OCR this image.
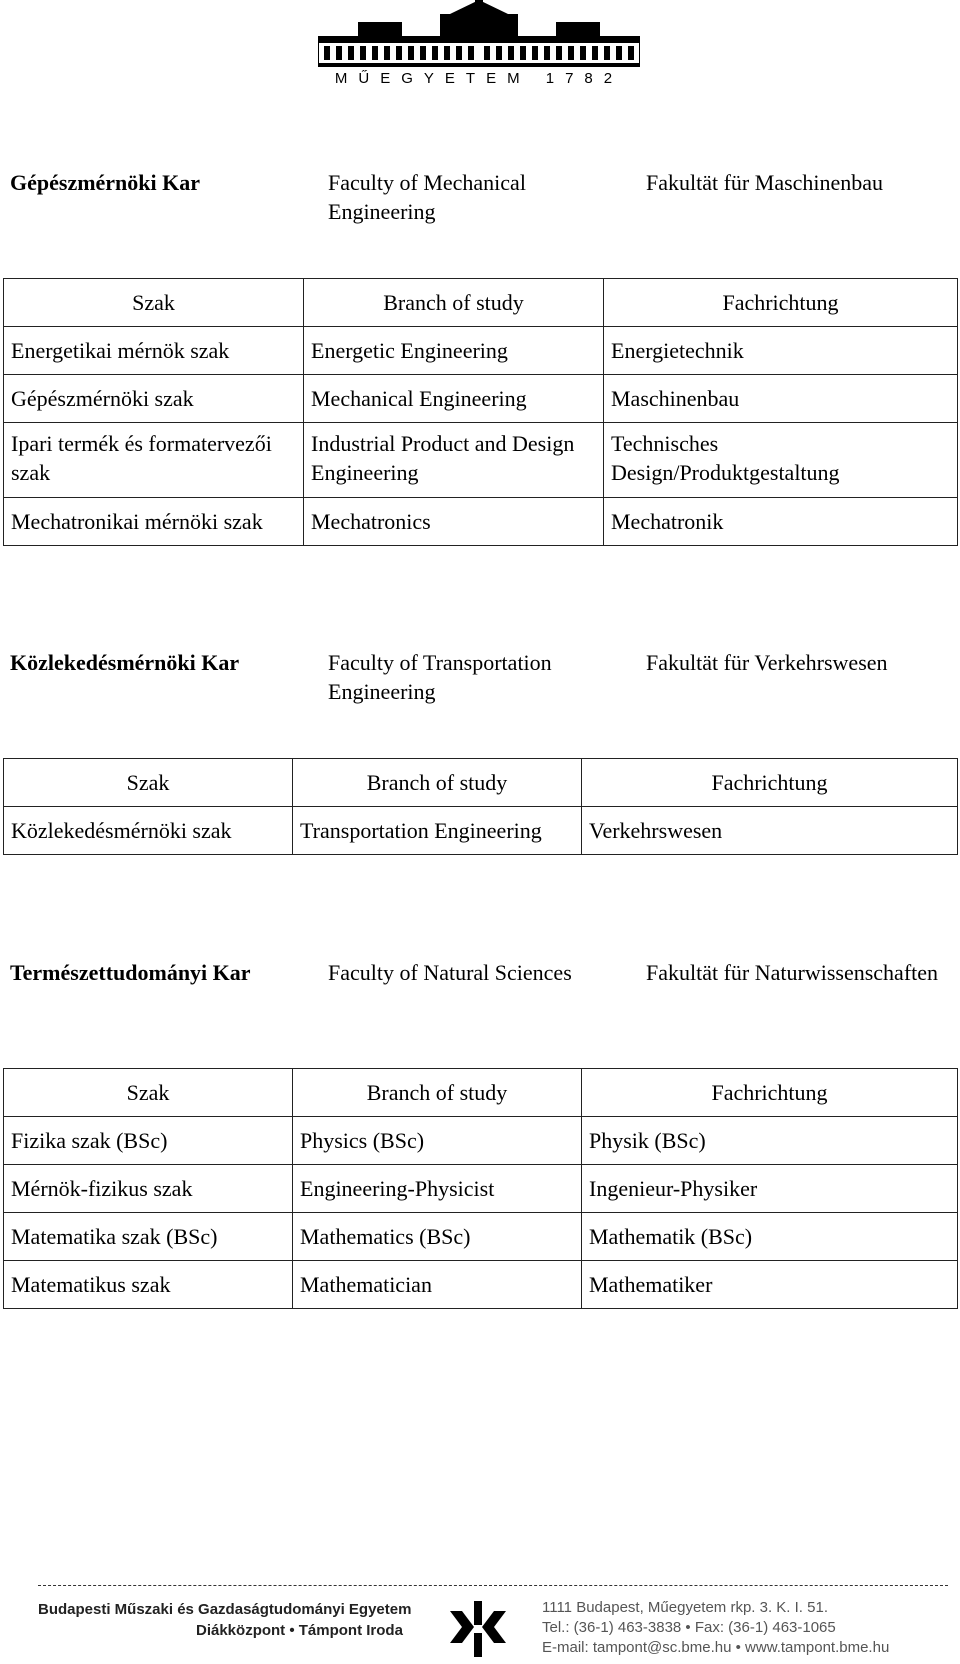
MŰEGYETEM 1782
Gépészmérnöki Kar	Faculty of Mechanical Engineering
Fakultät für Maschinenbau
Szak	Branch of study	Fachrichtung
Energetikai mérnök szak	Energetic Engineering	Energietechnik
Gépészmérnöki szak	Mechanical Engineering	Maschinenbau
Ipari termék és formatervezői szak	Industrial Product and Design Engineering	Technisches Design/Produktgestaltung
Mechatronikai mérnöki szak	Mechatronics	Mechatronik
Közlekedésmérnöki Kar	Faculty of Transportation Engineering
Fakultät für Verkehrswesen
Szak	Branch of study	Fachrichtung
Közlekedésmérnöki szak	Transportation Engineering	Verkehrswesen
Természettudományi Kar	Faculty of Natural Sciences	Fakultät für Naturwissenschaften
Szak	Branch of study	Fachrichtung
Fizika szak (BSc)	Physics (BSc)	Physik (BSc)
Mérnök-fizikus szak	Engineering-Physicist	Ingenieur-Physiker
Matematika szak (BSc)	Mathematics (BSc)	Mathematik (BSc)
Matematikus szak	Mathematician	Mathematiker
Budapesti Műszaki és Gazdaságtudományi Egyetem
Diákközpont • Támpont Iroda
1111 Budapest, Műegyetem rkp. 3. K. I. 51.
Tel.: (36-1) 463-3838 • Fax: (36-1) 463-1065
E-mail: tampont@sc.bme.hu • www.tampont.bme.hu
